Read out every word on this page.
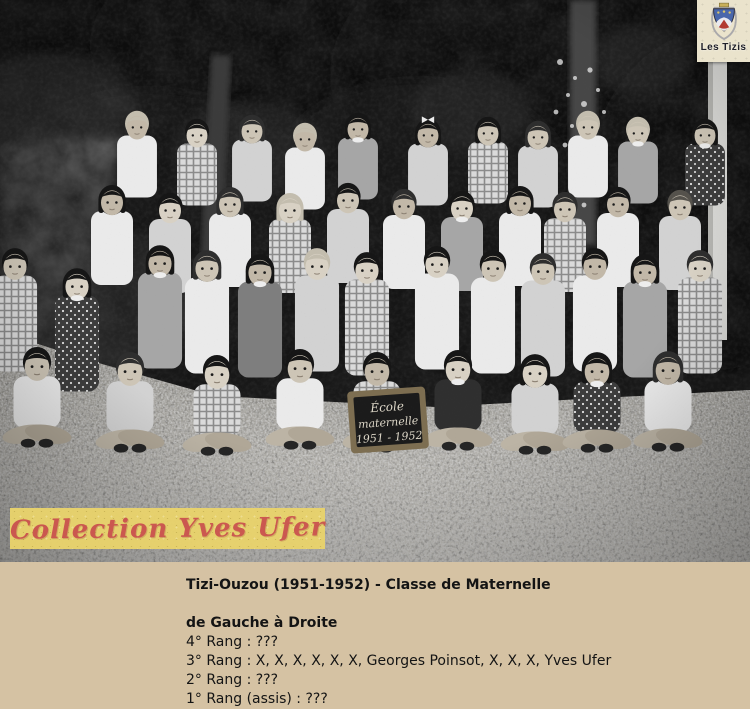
Les Tizis
Collection Yves Ufer

Tizi-Ouzou (1951-1952) - Classe de Maternelle

de Gauche à Droite

4° Rang : ???

3° Rang : X, X, X, X, X, X, Georges Poinsot, X, X, X, Yves Ufer

2° Rang : ???

1° Rang (assis) : ???
